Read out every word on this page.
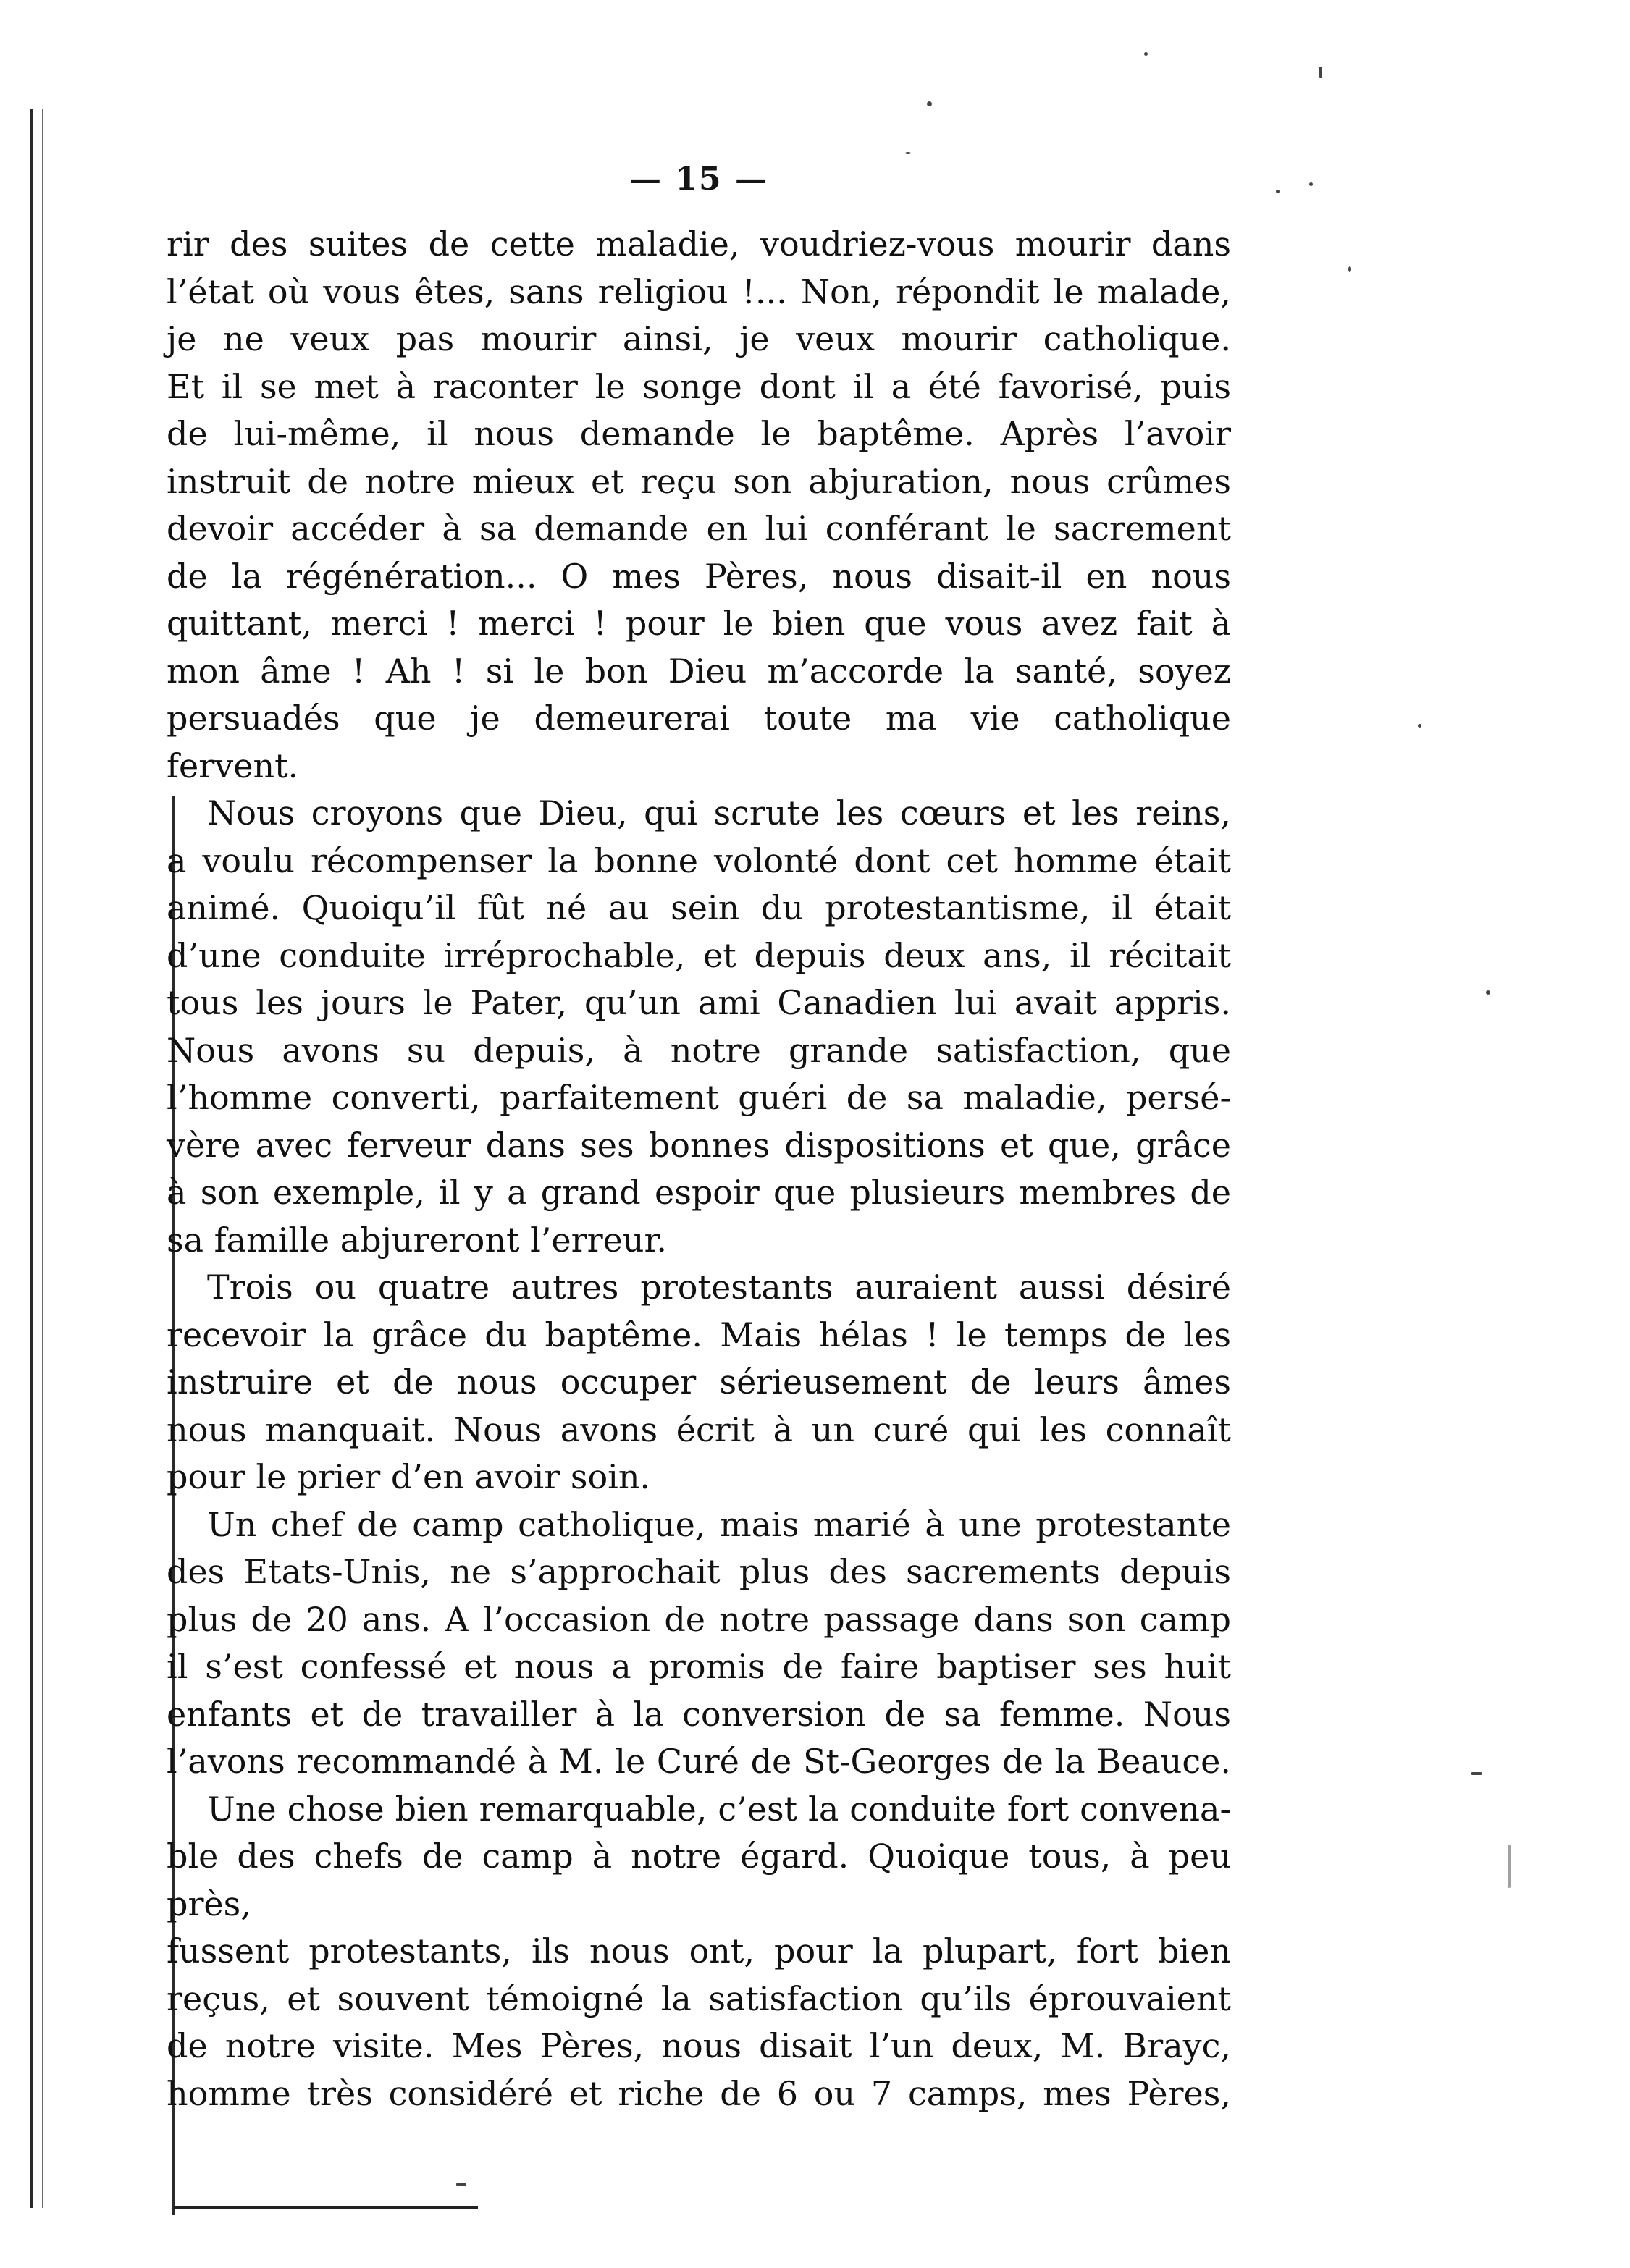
— 15 —

rir des suites de cette maladie, voudriez-vous mourir dans
l’état où vous êtes, sans religiou !... Non, répondit le malade,
je ne veux pas mourir ainsi, je veux mourir catholique.
Et il se met à raconter le songe dont il a été favorisé, puis
de lui-même, il nous demande le baptême. Après l’avoir
instruit de notre mieux et reçu son abjuration, nous crûmes
devoir accéder à sa demande en lui conférant le sacrement
de la régénération... O mes Pères, nous disait-il en nous
quittant, merci ! merci ! pour le bien que vous avez fait à
mon âme ! Ah ! si le bon Dieu m’accorde la santé, soyez
persuadés que je demeurerai toute ma vie catholique
fervent.

Nous croyons que Dieu, qui scrute les cœurs et les reins,
a voulu récompenser la bonne volonté dont cet homme était
animé. Quoiqu’il fût né au sein du protestantisme, il était
d’une conduite irréprochable, et depuis deux ans, il récitait
tous les jours le Pater, qu’un ami Canadien lui avait appris.
Nous avons su depuis, à notre grande satisfaction, que
l’homme converti, parfaitement guéri de sa maladie, persé-
vère avec ferveur dans ses bonnes dispositions et que, grâce
à son exemple, il y a grand espoir que plusieurs membres de
sa famille abjureront l’erreur.

Trois ou quatre autres protestants auraient aussi désiré
recevoir la grâce du baptême. Mais hélas ! le temps de les
instruire et de nous occuper sérieusement de leurs âmes
nous manquait. Nous avons écrit à un curé qui les connaît
pour le prier d’en avoir soin.

Un chef de camp catholique, mais marié à une protestante
des Etats-Unis, ne s’approchait plus des sacrements depuis
plus de 20 ans. A l’occasion de notre passage dans son camp
il s’est confessé et nous a promis de faire baptiser ses huit
enfants et de travailler à la conversion de sa femme. Nous
l’avons recommandé à M. le Curé de St-Georges de la Beauce.

Une chose bien remarquable, c’est la conduite fort convena-
ble des chefs de camp à notre égard. Quoique tous, à peu près,
fussent protestants, ils nous ont, pour la plupart, fort bien
reçus, et souvent témoigné la satisfaction qu’ils éprouvaient
de notre visite. Mes Pères, nous disait l’un deux, M. Brayc,
homme très considéré et riche de 6 ou 7 camps, mes Pères,
